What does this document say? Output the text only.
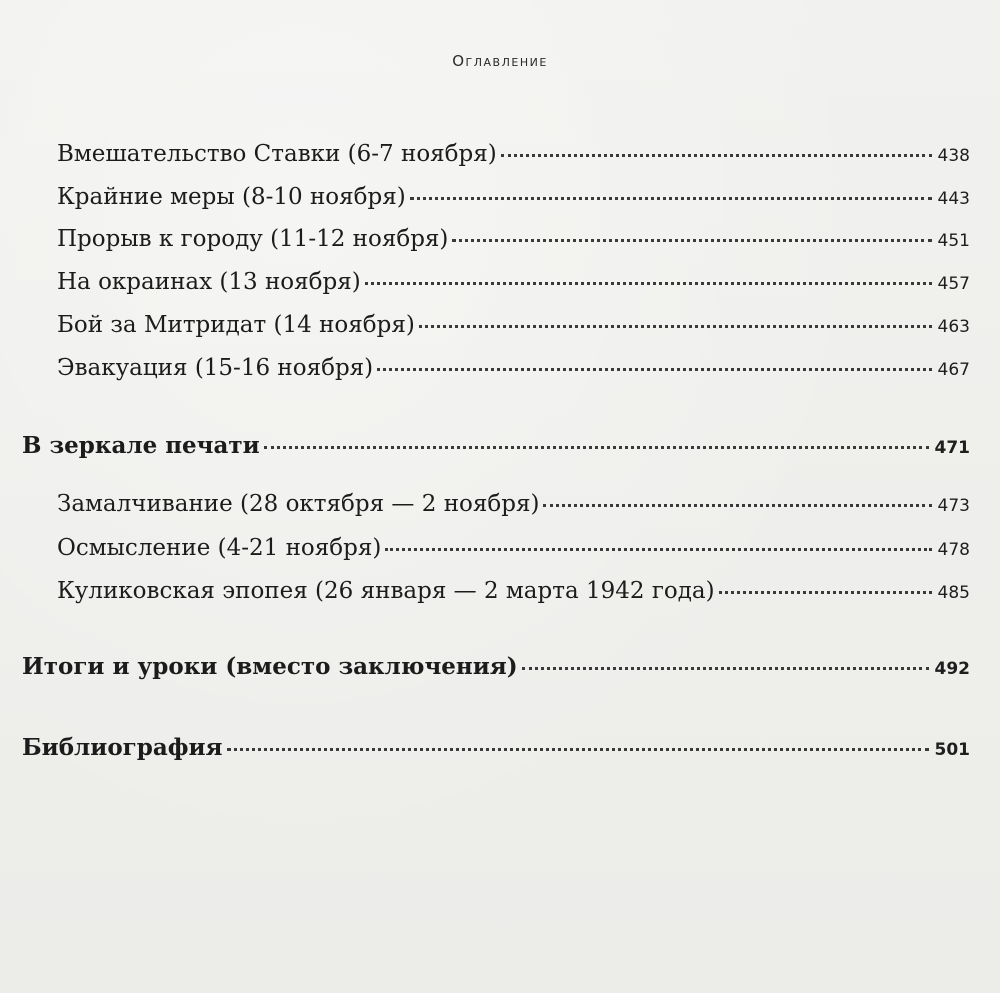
Оглавление
Вмешательство Ставки (6-7 ноября)	438
Крайние меры (8-10 ноября)	443
Прорыв к городу (11-12 ноября)	451
На окраинах (13 ноября)	457
Бой за Митридат (14 ноября)	463
Эвакуация (15-16 ноября)	467
В зеркале печати	471
Замалчивание (28 октября — 2 ноября)	473
Осмысление (4-21 ноября)	478
Куликовская эпопея (26 января — 2 марта 1942 года)	485
Итоги и уроки (вместо заключения)	492
Библиография	501
